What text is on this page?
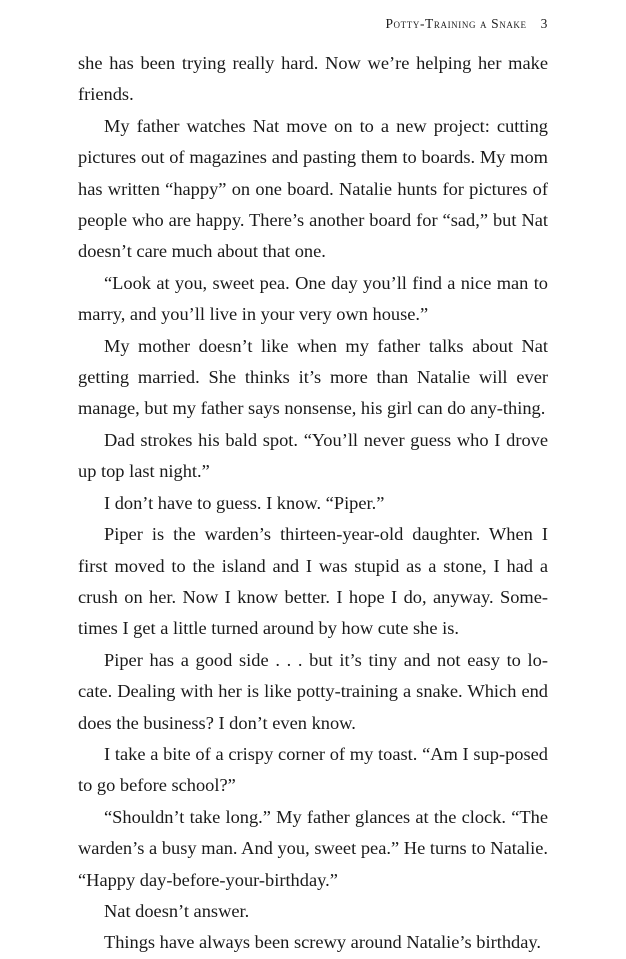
Potty-Training a Snake 3

she has been trying really hard. Now we’re helping her make friends.

My father watches Nat move on to a new project: cutting pictures out of magazines and pasting them to boards. My mom has written “happy” on one board. Natalie hunts for pictures of people who are happy. There’s another board for “sad,” but Nat doesn’t care much about that one.

“Look at you, sweet pea. One day you’ll find a nice man to marry, and you’ll live in your very own house.”

My mother doesn’t like when my father talks about Nat getting married. She thinks it’s more than Natalie will ever manage, but my father says nonsense, his girl can do any-thing.

Dad strokes his bald spot. “You’ll never guess who I drove up top last night.”

I don’t have to guess. I know. “Piper.”

Piper is the warden’s thirteen-year-old daughter. When I first moved to the island and I was stupid as a stone, I had a crush on her. Now I know better. I hope I do, anyway. Some-times I get a little turned around by how cute she is.

Piper has a good side . . . but it’s tiny and not easy to lo-cate. Dealing with her is like potty-training a snake. Which end does the business? I don’t even know.

I take a bite of a crispy corner of my toast. “Am I sup-posed to go before school?”

“Shouldn’t take long.” My father glances at the clock. “The warden’s a busy man. And you, sweet pea.” He turns to Natalie. “Happy day-before-your-birthday.”

Nat doesn’t answer.

Things have always been screwy around Natalie’s birthday.
